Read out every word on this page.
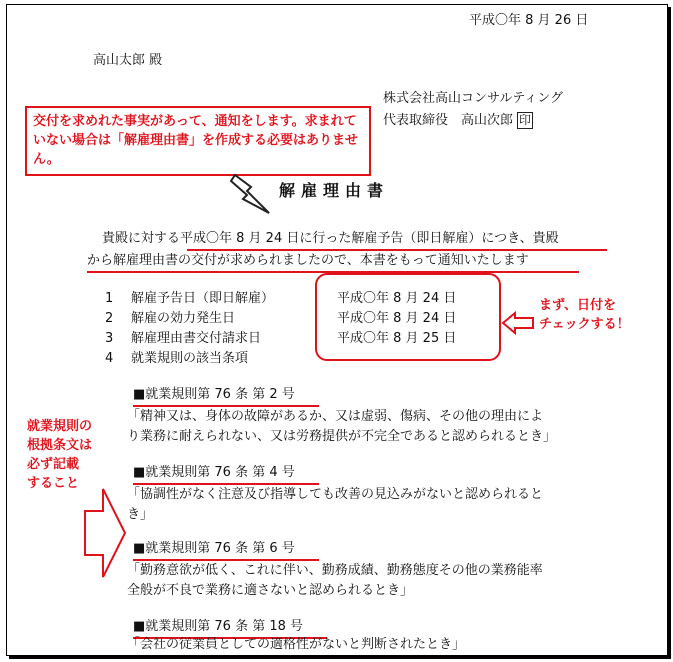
平成〇年 8 月 26 日
高山太郎 殿
株式会社高山コンサルティング
代表取締役　高山次郎 印
交付を求めれた事実があって、通知をします。求まれていない場合は「解雇理由書」を作成する必要はありません。
解雇理由書
貴殿に対する平成〇年 8 月 24 日に行った解雇予告（即日解雇）につき、貴殿
から解雇理由書の交付が求められましたので、本書をもって通知いたします
1 解雇予告日（即日解雇）	平成〇年 8 月 24 日
2 解雇の効力発生日	平成〇年 8 月 24 日
3 解雇理由書交付請求日	平成〇年 8 月 25 日
4 就業規則の該当条項
まず、日付を
チェックする！
就業規則の
根拠条文は
必ず記載
すること
■就業規則第 76 条 第 2 号
「精神又は、身体の故障があるか、又は虚弱、傷病、その他の理由によ
り業務に耐えられない、又は労務提供が不完全であると認められるとき」
■就業規則第 76 条 第 4 号
「協調性がなく注意及び指導しても改善の見込みがないと認められると
き」
■就業規則第 76 条 第 6 号
「勤務意欲が低く、これに伴い、勤務成績、勤務態度その他の業務能率
全般が不良で業務に適さないと認められるとき」
■就業規則第 76 条 第 18 号
「会社の従業員としての適格性がないと判断されたとき」
